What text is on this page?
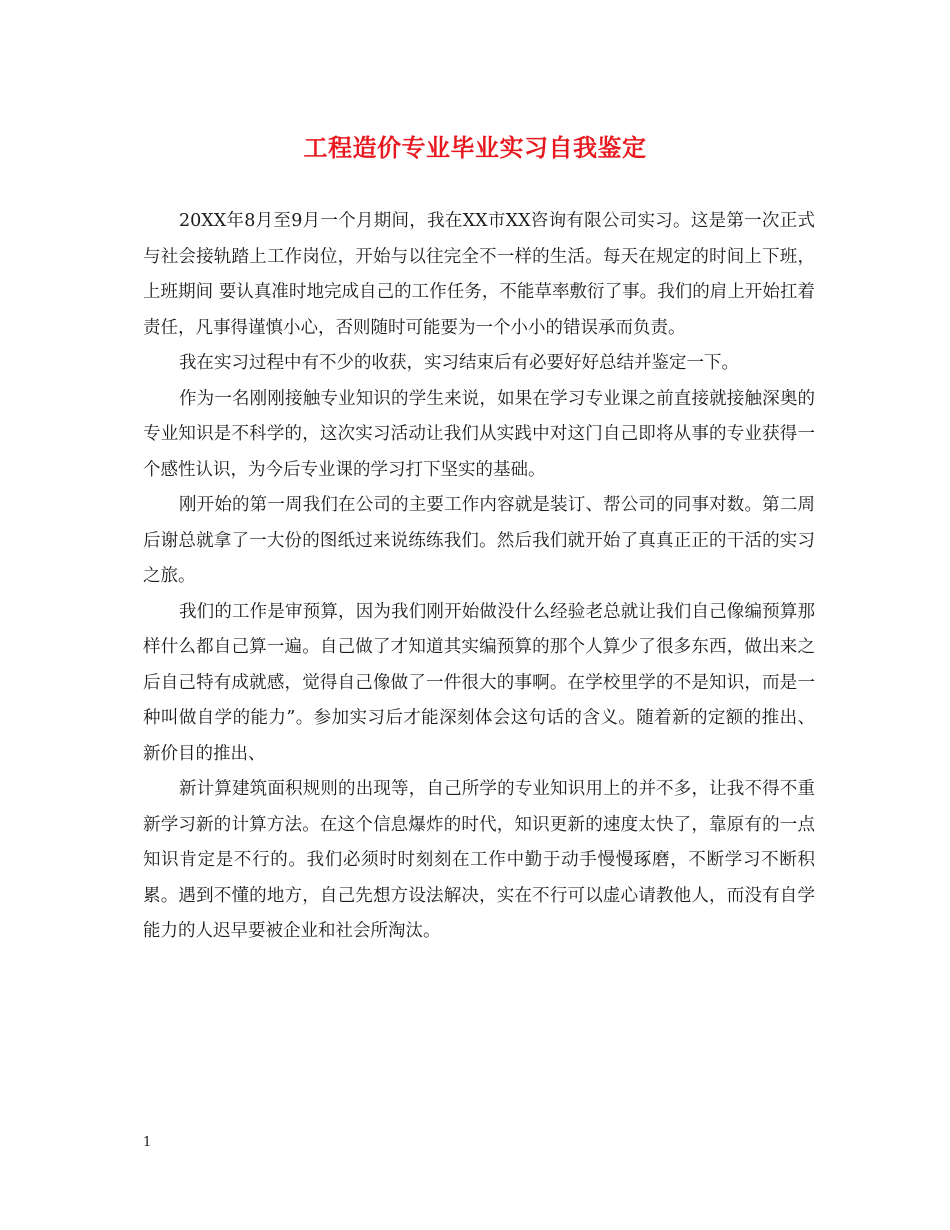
工程造价专业毕业实习自我鉴定

20XX年8月至9月一个月期间，我在XX市XX咨询有限公司实习。这是第一次正式与社会接轨踏上工作岗位，开始与以往完全不一样的生活。每天在规定的时间上下班，上班期间 要认真准时地完成自己的工作任务，不能草率敷衍了事。我们的肩上开始扛着责任，凡事得谨慎小心，否则随时可能要为一个小小的错误承而负责。

我在实习过程中有不少的收获，实习结束后有必要好好总结并鉴定一下。

作为一名刚刚接触专业知识的学生来说，如果在学习专业课之前直接就接触深奥的专业知识是不科学的，这次实习活动让我们从实践中对这门自己即将从事的专业获得一个感性认识，为今后专业课的学习打下坚实的基础。

刚开始的第一周我们在公司的主要工作内容就是装订、帮公司的同事对数。第二周后谢总就拿了一大份的图纸过来说练练我们。然后我们就开始了真真正正的干活的实习之旅。

我们的工作是审预算，因为我们刚开始做没什么经验老总就让我们自己像编预算那样什么都自己算一遍。自己做了才知道其实编预算的那个人算少了很多东西，做出来之后自己特有成就感，觉得自己像做了一件很大的事啊。在学校里学的不是知识，而是一种叫做自学的能力”。参加实习后才能深刻体会这句话的含义。随着新的定额的推出、新价目的推出、

新计算建筑面积规则的出现等，自己所学的专业知识用上的并不多，让我不得不重新学习新的计算方法。在这个信息爆炸的时代，知识更新的速度太快了，靠原有的一点知识肯定是不行的。我们必须时时刻刻在工作中勤于动手慢慢琢磨，不断学习不断积累。遇到不懂的地方，自己先想方设法解决，实在不行可以虚心请教他人，而没有自学能力的人迟早要被企业和社会所淘汰。

1
